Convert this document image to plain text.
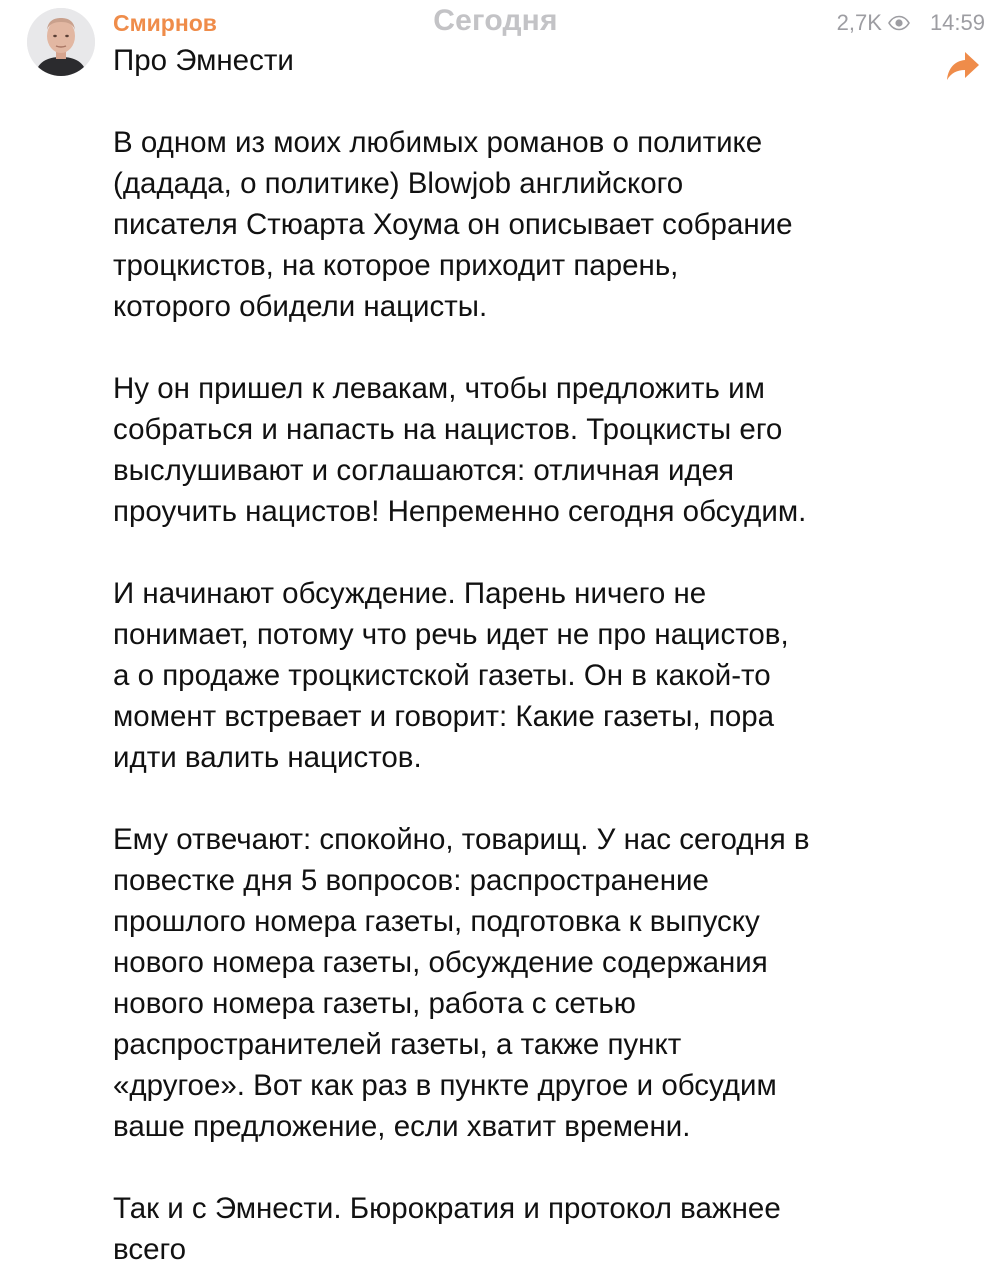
Сегодня
Смирнов	2,7K 14:59
Про Эмнести
В одном из моих любимых романов о политике
(дадада, о политике) Blowjob английского
писателя Стюарта Хоума он описывает собрание
троцкистов, на которое приходит парень,
которого обидели нацисты.
Ну он пришел к левакам, чтобы предложить им
собраться и напасть на нацистов. Троцкисты его
выслушивают и соглашаются: отличная идея
проучить нацистов! Непременно сегодня обсудим.
И начинают обсуждение. Парень ничего не
понимает, потому что речь идет не про нацистов,
а о продаже троцкистской газеты. Он в какой-то
момент встревает и говорит: Какие газеты, пора
идти валить нацистов.
Ему отвечают: спокойно, товарищ. У нас сегодня в
повестке дня 5 вопросов: распространение
прошлого номера газеты, подготовка к выпуску
нового номера газеты, обсуждение содержания
нового номера газеты, работа с сетью
распространителей газеты, а также пункт
«другое». Вот как раз в пункте другое и обсудим
ваше предложение, если хватит времени.
Так и с Эмнести. Бюрократия и протокол важнее
всего
